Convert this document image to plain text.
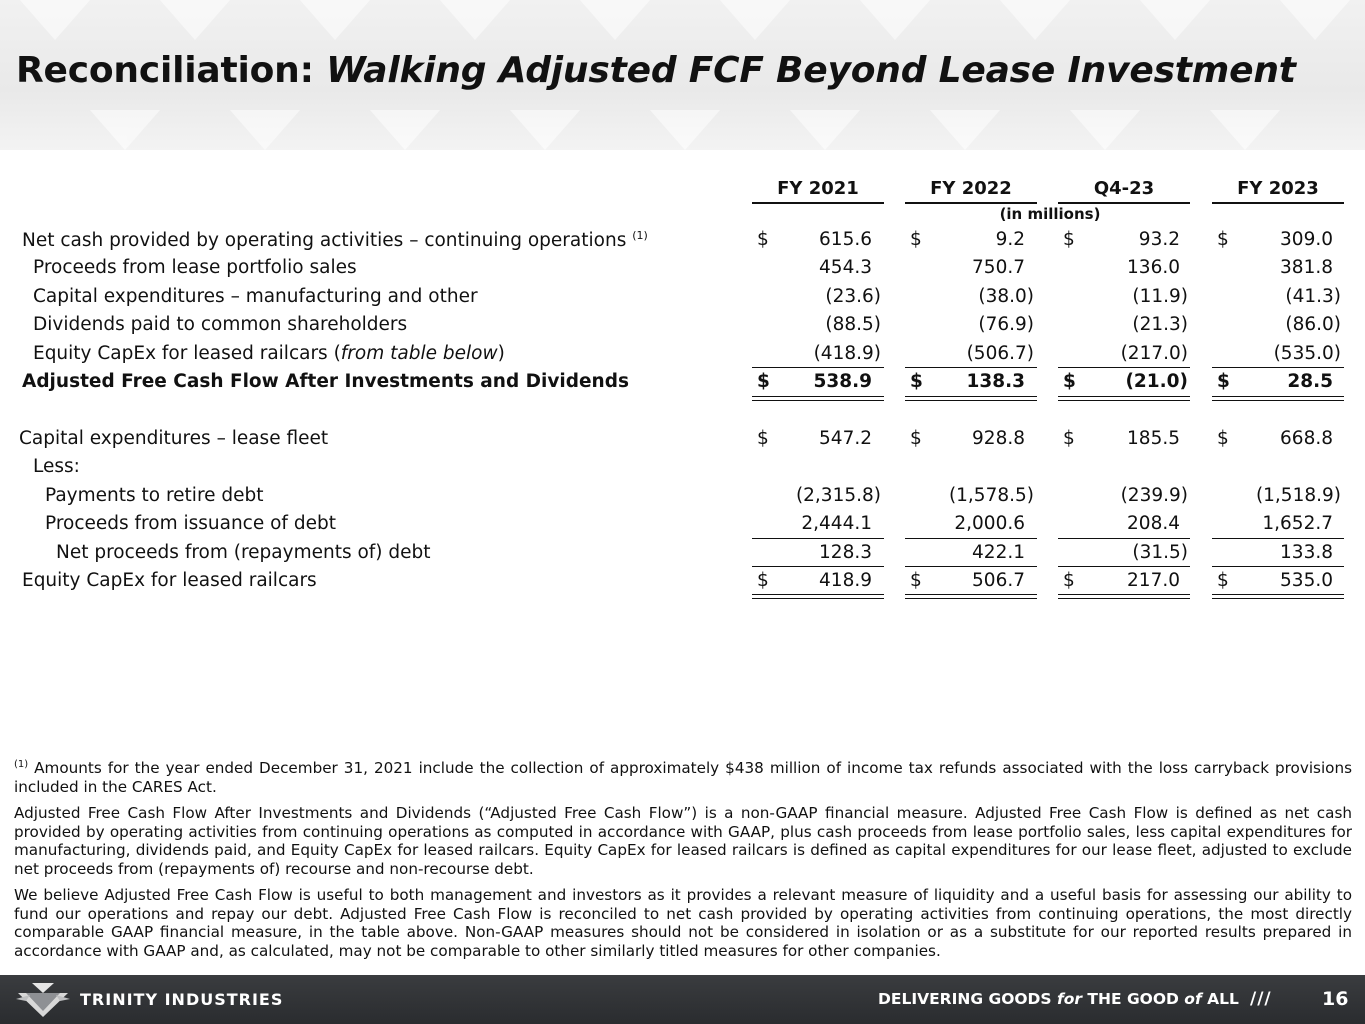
Reconciliation: Walking Adjusted FCF Beyond Lease Investment
FY 2021	FY 2022	Q4-23	FY 2023
(in millions)
Net cash provided by operating activities – continuing operations $^{(1)}$	$	615.6 $	9.2 $	93.2 $	309.0
Proceeds from lease portfolio sales	454.3	750.7	136.0	381.8
Capital expenditures – manufacturing and other	(23.6)	(38.0)	(11.9)	(41.3)
Dividends paid to common shareholders	(88.5)	(76.9)	(21.3)	(86.0)
Equity CapEx for leased railcars (from table below)	(418.9)	(506.7)	(217.0)	(535.0)
Adjusted Free Cash Flow After Investments and Dividends	$	538.9 $	138.3 $	(21.0) $	28.5
Capital expenditures – lease fleet	$	547.2 $	928.8 $	185.5 $	668.8
Less:
Payments to retire debt	(2,315.8)	(1,578.5)	(239.9)	(1,518.9)
Proceeds from issuance of debt	2,444.1	2,000.6	208.4	1,652.7
Net proceeds from (repayments of) debt	128.3	422.1	(31.5)	133.8
Equity CapEx for leased railcars	$	418.9 $	506.7 $	217.0 $	535.0

$^{(1)}$ Amounts for the year ended December 31, 2021 include the collection of approximately $438 million of income tax refunds associated with the loss carryback provisions included in the CARES Act.

Adjusted Free Cash Flow After Investments and Dividends (“Adjusted Free Cash Flow”) is a non-GAAP financial measure. Adjusted Free Cash Flow is defined as net cash provided by operating activities from continuing operations as computed in accordance with GAAP, plus cash proceeds from lease portfolio sales, less capital expenditures for manufacturing, dividends paid, and Equity CapEx for leased railcars. Equity CapEx for leased railcars is defined as capital expenditures for our lease fleet, adjusted to exclude net proceeds from (repayments of) recourse and non-recourse debt.

We believe Adjusted Free Cash Flow is useful to both management and investors as it provides a relevant measure of liquidity and a useful basis for assessing our ability to fund our operations and repay our debt. Adjusted Free Cash Flow is reconciled to net cash provided by operating activities from continuing operations, the most directly comparable GAAP financial measure, in the table above. Non-GAAP measures should not be considered in isolation or as a substitute for our reported results prepared in accordance with GAAP and, as calculated, may not be comparable to other similarly titled measures for other companies.

TRINITY INDUSTRIES	DELIVERING GOODS for THE GOOD of ALL ///	16
